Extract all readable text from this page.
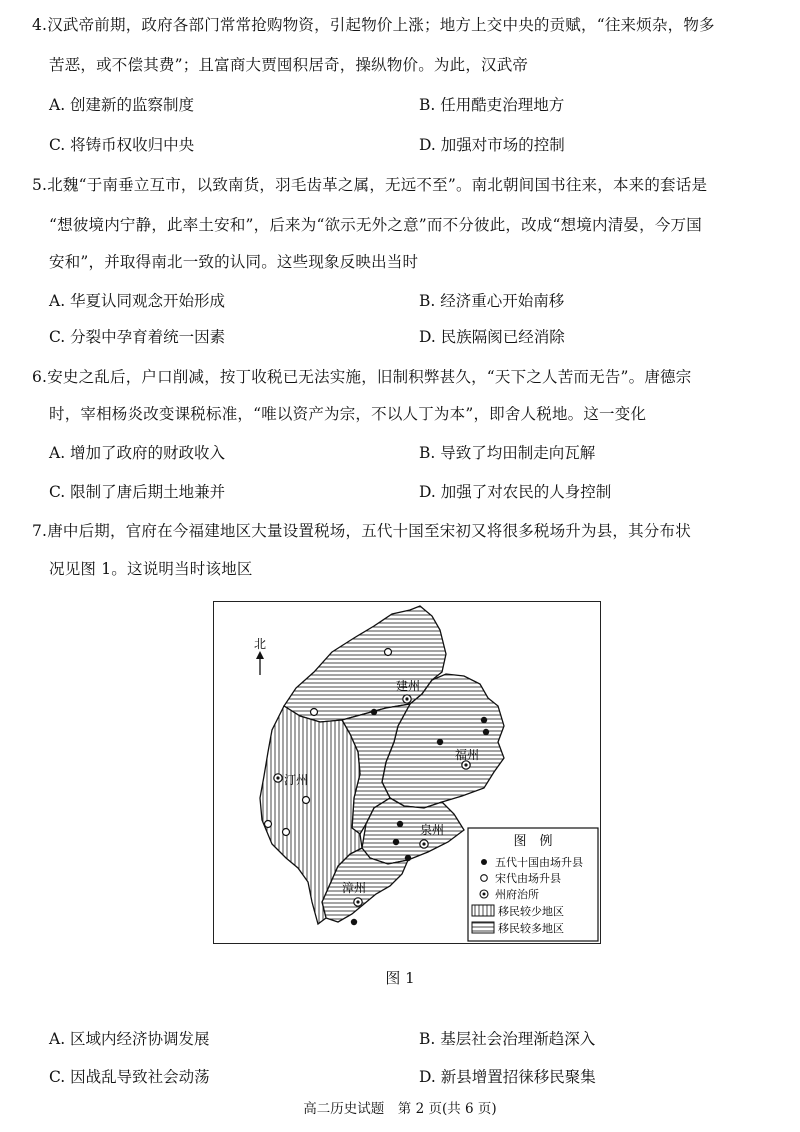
4.汉武帝前期，政府各部门常常抢购物资，引起物价上涨；地方上交中央的贡赋，“往来烦杂，物多
苦恶，或不偿其费”；且富商大贾囤积居奇，操纵物价。为此，汉武帝
A. 创建新的监察制度	B. 任用酷吏治理地方
C. 将铸币权收归中央	D. 加强对市场的控制
5.北魏“于南垂立互市，以致南货，羽毛齿革之属，无远不至”。南北朝间国书往来，本来的套话是
“想彼境内宁静，此率土安和”，后来为“欲示无外之意”而不分彼此，改成“想境内清晏，今万国
安和”，并取得南北一致的认同。这些现象反映出当时
A. 华夏认同观念开始形成	B. 经济重心开始南移
C. 分裂中孕育着统一因素	D. 民族隔阂已经消除
6.安史之乱后，户口削减，按丁收税已无法实施，旧制积弊甚久，“天下之人苦而无告”。唐德宗
时，宰相杨炎改变课税标准，“唯以资产为宗，不以人丁为本”，即舍人税地。这一变化
A. 增加了政府的财政收入	B. 导致了均田制走向瓦解
C. 限制了唐后期土地兼并	D. 加强了对农民的人身控制
7.唐中后期，官府在今福建地区大量设置税场，五代十国至宋初又将很多税场升为县，其分布状
况见图 1。这说明当时该地区
北
建州
福州
汀州
泉州
漳州
图　例
五代十国由场升县
宋代由场升县
州府治所
移民较少地区
移民较多地区
图 1
A. 区域内经济协调发展	B. 基层社会治理渐趋深入
C. 因战乱导致社会动荡	D. 新县增置招徕移民聚集
高二历史试题　第 2 页(共 6 页)
